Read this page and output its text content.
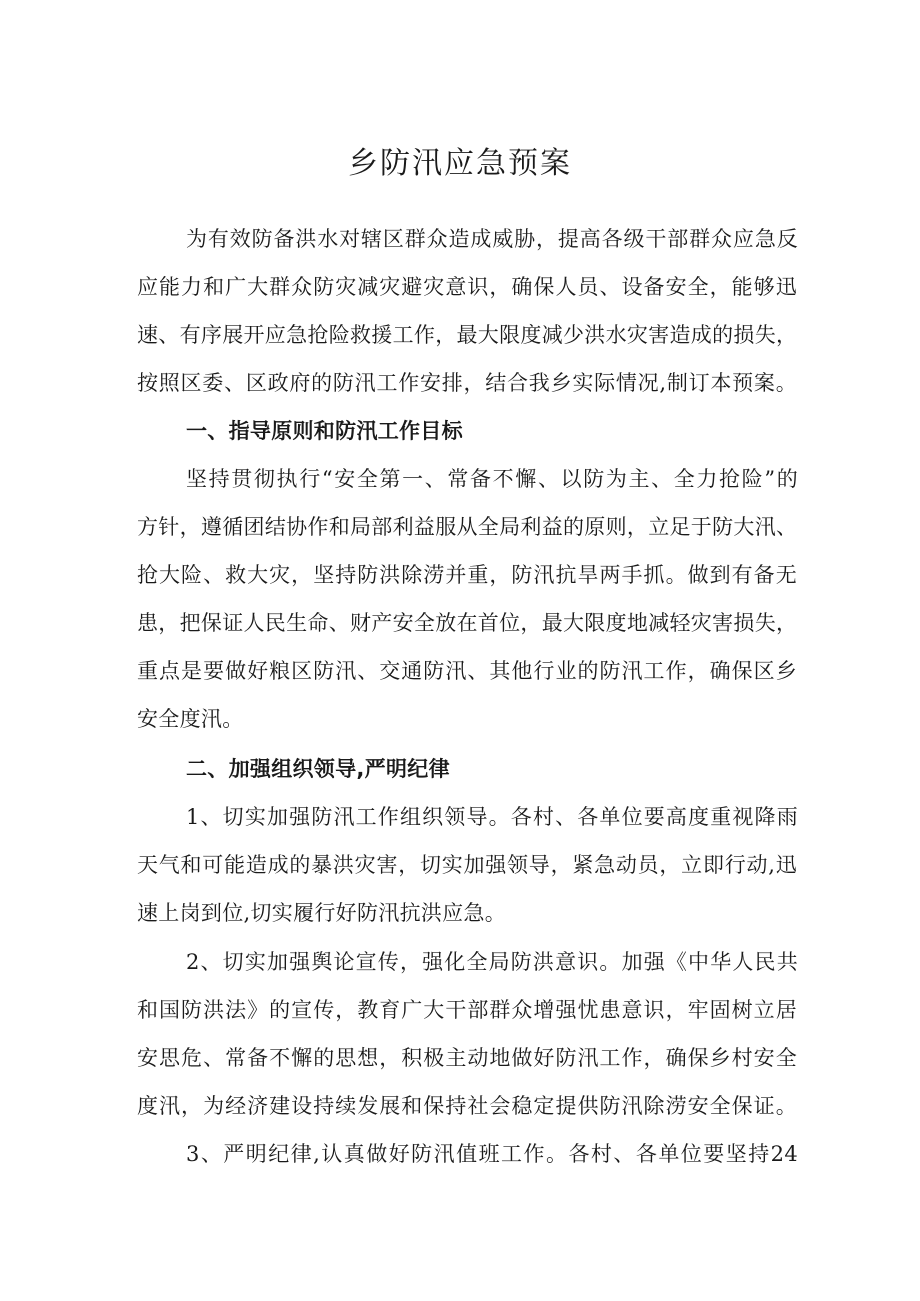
乡防汛应急预案
为有效防备洪水对辖区群众造成威胁，提高各级干部群众应急反
应能力和广大群众防灾减灾避灾意识，确保人员、设备安全，能够迅
速、有序展开应急抢险救援工作，最大限度减少洪水灾害造成的损失，
按照区委、区政府的防汛工作安排，结合我乡实际情况,制订本预案。
一、指导原则和防汛工作目标
坚持贯彻执行“安全第一、常备不懈、以防为主、全力抢险”的
方针，遵循团结协作和局部利益服从全局利益的原则，立足于防大汛、
抢大险、救大灾，坚持防洪除涝并重，防汛抗旱两手抓。做到有备无
患，把保证人民生命、财产安全放在首位，最大限度地减轻灾害损失，
重点是要做好粮区防汛、交通防汛、其他行业的防汛工作，确保区乡
安全度汛。
二、加强组织领导,严明纪律
1、切实加强防汛工作组织领导。各村、各单位要高度重视降雨
天气和可能造成的暴洪灾害，切实加强领导，紧急动员，立即行动,迅
速上岗到位,切实履行好防汛抗洪应急。
2、切实加强舆论宣传，强化全局防洪意识。加强《中华人民共
和国防洪法》的宣传，教育广大干部群众增强忧患意识，牢固树立居
安思危、常备不懈的思想，积极主动地做好防汛工作，确保乡村安全
度汛，为经济建设持续发展和保持社会稳定提供防汛除涝安全保证。
3、严明纪律,认真做好防汛值班工作。各村、各单位要坚持24
